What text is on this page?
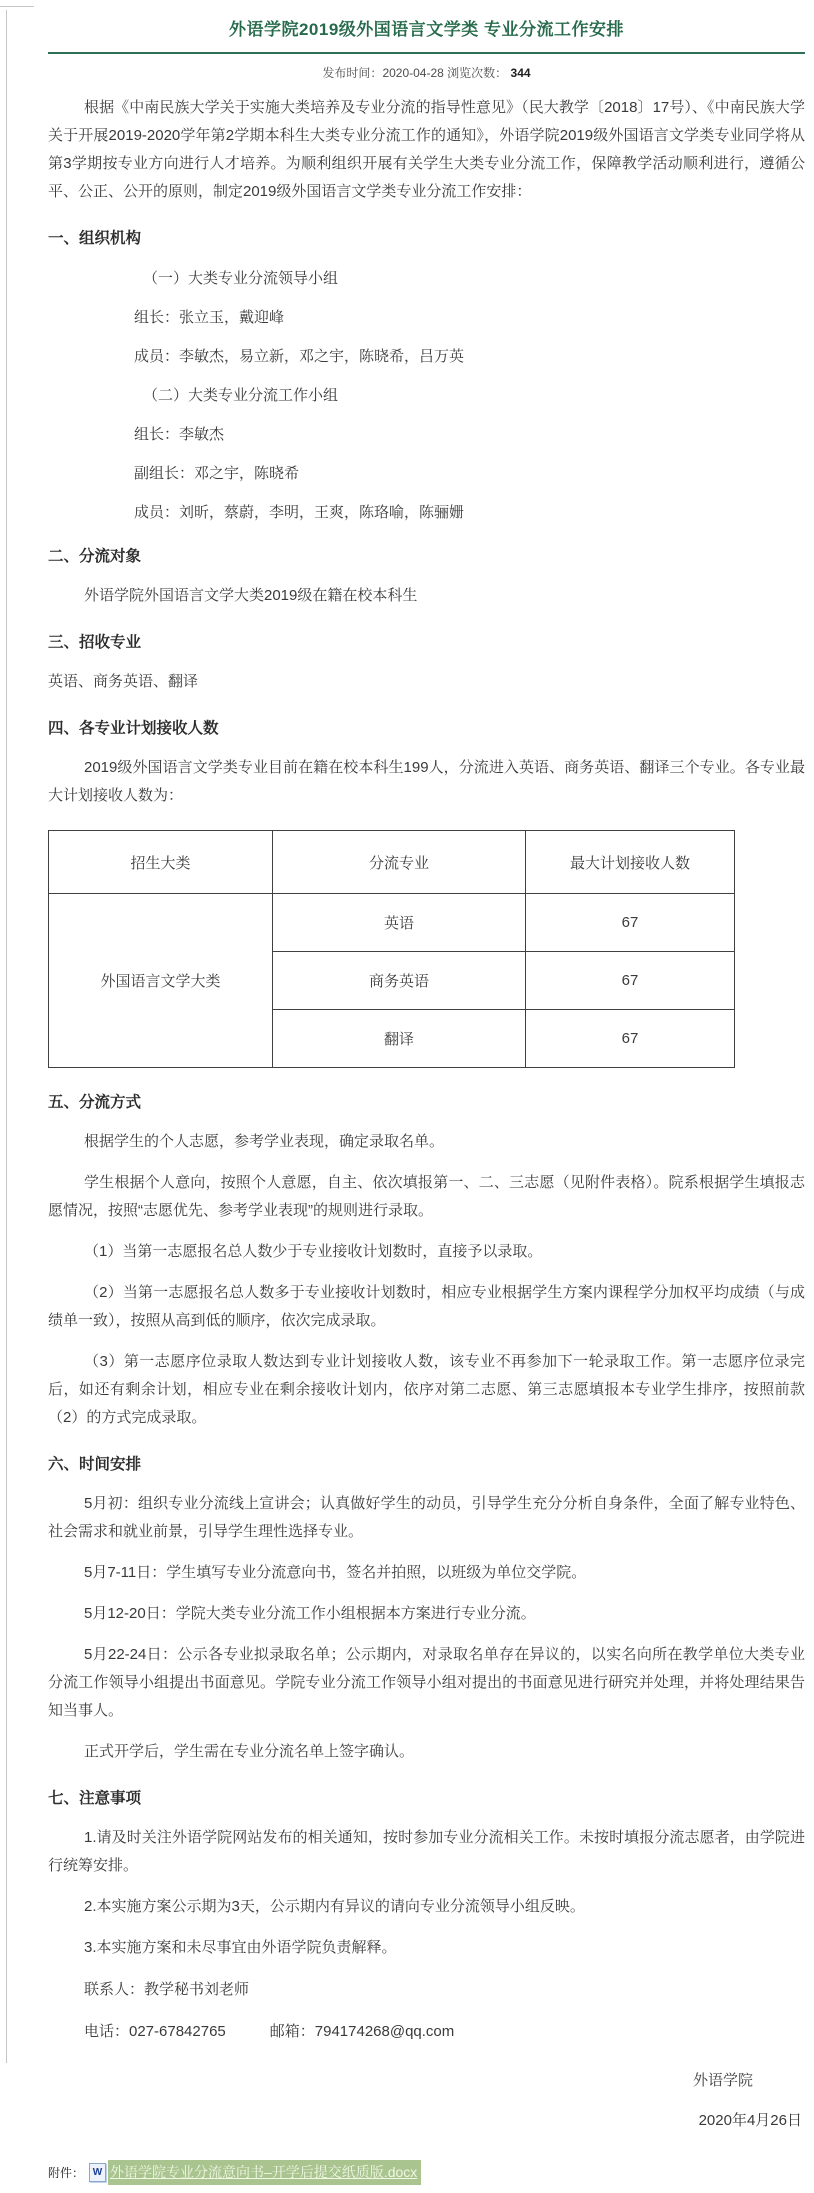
外语学院2019级外国语言文学类 专业分流工作安排
发布时间：2020-04-28 浏览次数： 344

根据《中南民族大学关于实施大类培养及专业分流的指导性意见》（民大教学〔2018〕17号）、《中南民族大学关于开展2019-2020学年第2学期本科生大类专业分流工作的通知》，外语学院2019级外国语言文学类专业同学将从第3学期按专业方向进行人才培养。为顺利组织开展有关学生大类专业分流工作，保障教学活动顺利进行，遵循公平、公正、公开的原则，制定2019级外国语言文学类专业分流工作安排：

一、组织机构
（一）大类专业分流领导小组
组长：张立玉，戴迎峰
成员：李敏杰，易立新，邓之宇，陈晓希，吕万英
（二）大类专业分流工作小组
组长：李敏杰
副组长：邓之宇，陈晓希
成员：刘昕，蔡蔚，李明，王爽，陈珞喻，陈骊姗
二、分流对象

外语学院外国语言文学大类2019级在籍在校本科生

三、招收专业

英语、商务英语、翻译

四、各专业计划接收人数

2019级外国语言文学类专业目前在籍在校本科生199人，分流进入英语、商务英语、翻译三个专业。各专业最大计划接收人数为：

招生大类	分流专业	最大计划接收人数
外国语言文学大类	英语	67
	商务英语	67
	翻译	67
五、分流方式

根据学生的个人志愿，参考学业表现，确定录取名单。

学生根据个人意向，按照个人意愿，自主、依次填报第一、二、三志愿（见附件表格）。院系根据学生填报志愿情况，按照“志愿优先、参考学业表现”的规则进行录取。

（1）当第一志愿报名总人数少于专业接收计划数时，直接予以录取。

（2）当第一志愿报名总人数多于专业接收计划数时，相应专业根据学生方案内课程学分加权平均成绩（与成绩单一致），按照从高到低的顺序，依次完成录取。

（3）第一志愿序位录取人数达到专业计划接收人数，该专业不再参加下一轮录取工作。第一志愿序位录完后，如还有剩余计划，相应专业在剩余接收计划内，依序对第二志愿、第三志愿填报本专业学生排序，按照前款（2）的方式完成录取。

六、时间安排

5月初：组织专业分流线上宣讲会；认真做好学生的动员，引导学生充分分析自身条件，全面了解专业特色、社会需求和就业前景，引导学生理性选择专业。

5月7-11日：学生填写专业分流意向书，签名并拍照，以班级为单位交学院。

5月12-20日：学院大类专业分流工作小组根据本方案进行专业分流。

5月22-24日：公示各专业拟录取名单；公示期内，对录取名单存在异议的，以实名向所在教学单位大类专业分流工作领导小组提出书面意见。学院专业分流工作领导小组对提出的书面意见进行研究并处理，并将处理结果告知当事人。

正式开学后，学生需在专业分流名单上签字确认。

七、注意事项

1.请及时关注外语学院网站发布的相关通知，按时参加专业分流相关工作。未按时填报分流志愿者，由学院进行统筹安排。

2.本实施方案公示期为3天，公示期内有异议的请向专业分流领导小组反映。

3.本实施方案和未尽事宜由外语学院负责解释。

联系人：教学秘书刘老师

电话：027-67842765	邮箱：794174268@qq.com

外语学院
2020年4月26日
附件： W 外语学院专业分流意向书–开学后提交纸质版.docx
